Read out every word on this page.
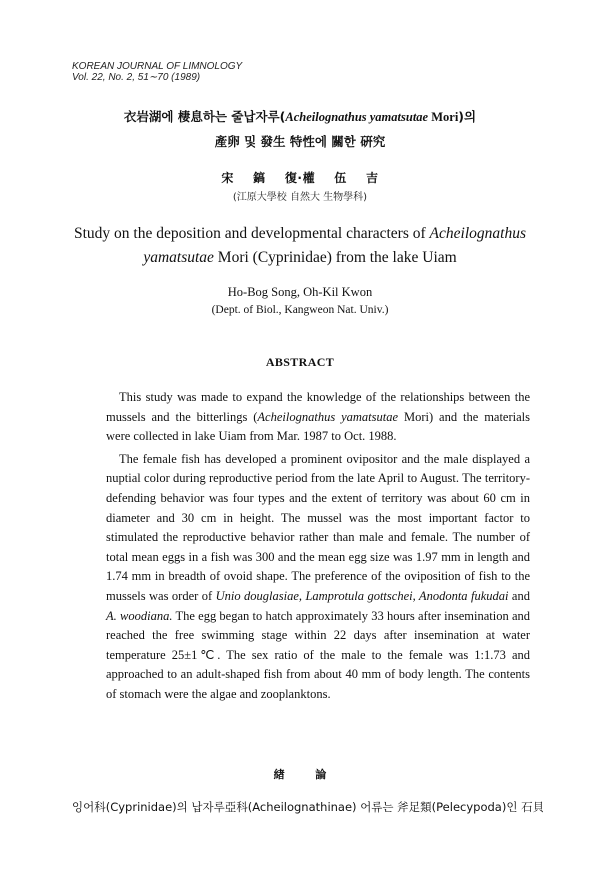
KOREAN JOURNAL OF LIMNOLOGY
Vol. 22, No. 2, 51∼70 (1989)
衣岩湖에 棲息하는 줄납자루(Acheilognathus yamatsutae Mori)의
產卵 및 發生 特性에 關한 硏究
宋    鎬    復·權    伍    吉
(江原大學校 自然大 生物學科)
Study on the deposition and developmental characters of Acheilognathus yamatsutae Mori (Cyprinidae) from the lake Uiam
Ho-Bog Song, Oh-Kil Kwon
(Dept. of Biol., Kangweon Nat. Univ.)
ABSTRACT

This study was made to expand the knowledge of the relationships between the mussels and the bitterlings (Acheilognathus yamatsutae Mori) and the materials were collected in lake Uiam from Mar. 1987 to Oct. 1988.

The female fish has developed a prominent ovipositor and the male displayed a nuptial color during reproductive period from the late April to August. The territory-defending behavior was four types and the extent of territory was about 60 cm in diameter and 30 cm in height. The mussel was the most important factor to stimulated the reproductive behavior rather than male and female. The number of total mean eggs in a fish was 300 and the mean egg size was 1.97 mm in length and 1.74 mm in breadth of ovoid shape. The preference of the oviposition of fish to the mussels was order of Unio douglasiae, Lamprotula gottschei, Anodonta fukudai and A. woodiana. The egg began to hatch approximately 33 hours after insemination and reached the free swimming stage within 22 days after insemination at water temperature 25±1℃. The sex ratio of the male to the female was 1:1.73 and approached to an adult-shaped fish from about 40 mm of body length. The contents of stomach were the algae and zooplanktons.

緖        論
잉어科(Cyprinidae)의 납자루亞科(Acheilognathinae) 어류는 斧足類(Pelecypoda)인 石貝
